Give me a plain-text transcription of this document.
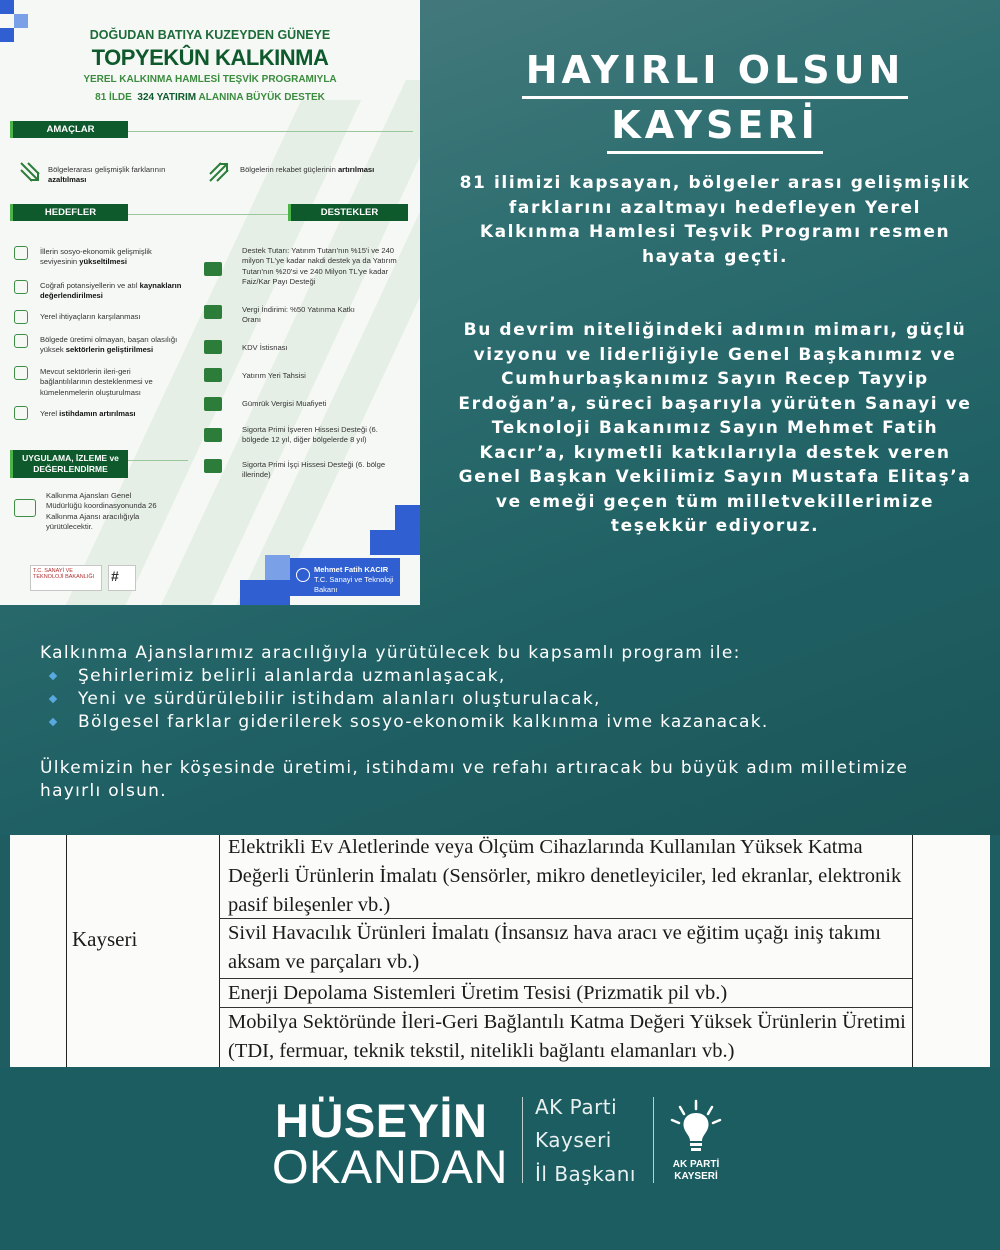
DOĞUDAN BATIYA KUZEYDEN GÜNEYE
TOPYEKÛN KALKINMA
YEREL KALKINMA HAMLESİ TEŞVİK PROGRAMIYLA
81 İLDE 324 YATIRIM ALANINA BÜYÜK DESTEK
AMAÇLAR
Bölgelerarası gelişmişlik farklarının azaltılması
Bölgelerin rekabet güçlerinin artırılması
HEDEFLER	DESTEKLER
İllerin sosyo-ekonomik gelişmişlik seviyesinin yükseltilmesi
Coğrafi potansiyellerin ve atıl kaynakların değerlendirilmesi
Yerel ihtiyaçların karşılanması
Bölgede üretimi olmayan, başarı olasılığı yüksek sektörlerin geliştirilmesi
Mevcut sektörlerin ileri-geri bağlantılılarının desteklenmesi ve kümelenmelerin oluşturulması
Yerel istihdamın artırılması
Destek Tutarı: Yatırım Tutarı'nın %15'i ve 240 milyon TL'ye kadar nakdi destek ya da Yatırım Tutarı'nın %20'si ve 240 Milyon TL'ye kadar Faiz/Kar Payı Desteği
Vergi İndirimi: %50 Yatırıma Katkı Oranı
KDV İstisnası
Yatırım Yeri Tahsisi
Gümrük Vergisi Muafiyeti
Sigorta Primi İşveren Hissesi Desteği (6. bölgede 12 yıl, diğer bölgelerde 8 yıl)
Sigorta Primi İşçi Hissesi Desteği (6. bölge illerinde)
UYGULAMA, İZLEME ve
DEĞERLENDİRME
Kalkınma Ajansları Genel Müdürlüğü koordinasyonunda 26 Kalkınma Ajansı aracılığıyla yürütülecektir.
T.C. SANAYİ VE TEKNOLOJİ BAKANLIĞI	#	Mehmet Fatih KACIR
T.C. Sanayi ve Teknoloji Bakanı
HAYIRLI OLSUN
KAYSERİ
81 ilimizi kapsayan, bölgeler arası gelişmişlik farklarını azaltmayı hedefleyen Yerel Kalkınma Hamlesi Teşvik Programı resmen hayata geçti.
Bu devrim niteliğindeki adımın mimarı, güçlü vizyonu ve liderliğiyle Genel Başkanımız ve Cumhurbaşkanımız Sayın Recep Tayyip Erdoğan’a, süreci başarıyla yürüten Sanayi ve Teknoloji Bakanımız Sayın Mehmet Fatih Kacır’a, kıymetli katkılarıyla destek veren Genel Başkan Vekilimiz Sayın Mustafa Elitaş’a ve emeği geçen tüm milletvekillerimize teşekkür ediyoruz.
Kalkınma Ajanslarımız aracılığıyla yürütülecek bu kapsamlı program ile:
Şehirlerimiz belirli alanlarda uzmanlaşacak,
Yeni ve sürdürülebilir istihdam alanları oluşturulacak,
Bölgesel farklar giderilerek sosyo-ekonomik kalkınma ivme kazanacak.
Ülkemizin her köşesinde üretimi, istihdamı ve refahı artıracak bu büyük adım milletimize hayırlı olsun.
Kayseri
Elektrikli Ev Aletlerinde veya Ölçüm Cihazlarında Kullanılan Yüksek Katma Değerli Ürünlerin İmalatı (Sensörler, mikro denetleyiciler, led ekranlar, elektronik pasif bileşenler vb.)
Sivil Havacılık Ürünleri İmalatı (İnsansız hava aracı ve eğitim uçağı iniş takımı aksam ve parçaları vb.)
Enerji Depolama Sistemleri Üretim Tesisi (Prizmatik pil vb.)
Mobilya Sektöründe İleri-Geri Bağlantılı Katma Değeri Yüksek Ürünlerin Üretimi (TDI, fermuar, teknik tekstil, nitelikli bağlantı elamanları vb.)
HÜSEYİN
OKANDAN
AK Parti
Kayseri
İl Başkanı	AK PARTİ
KAYSERİ
